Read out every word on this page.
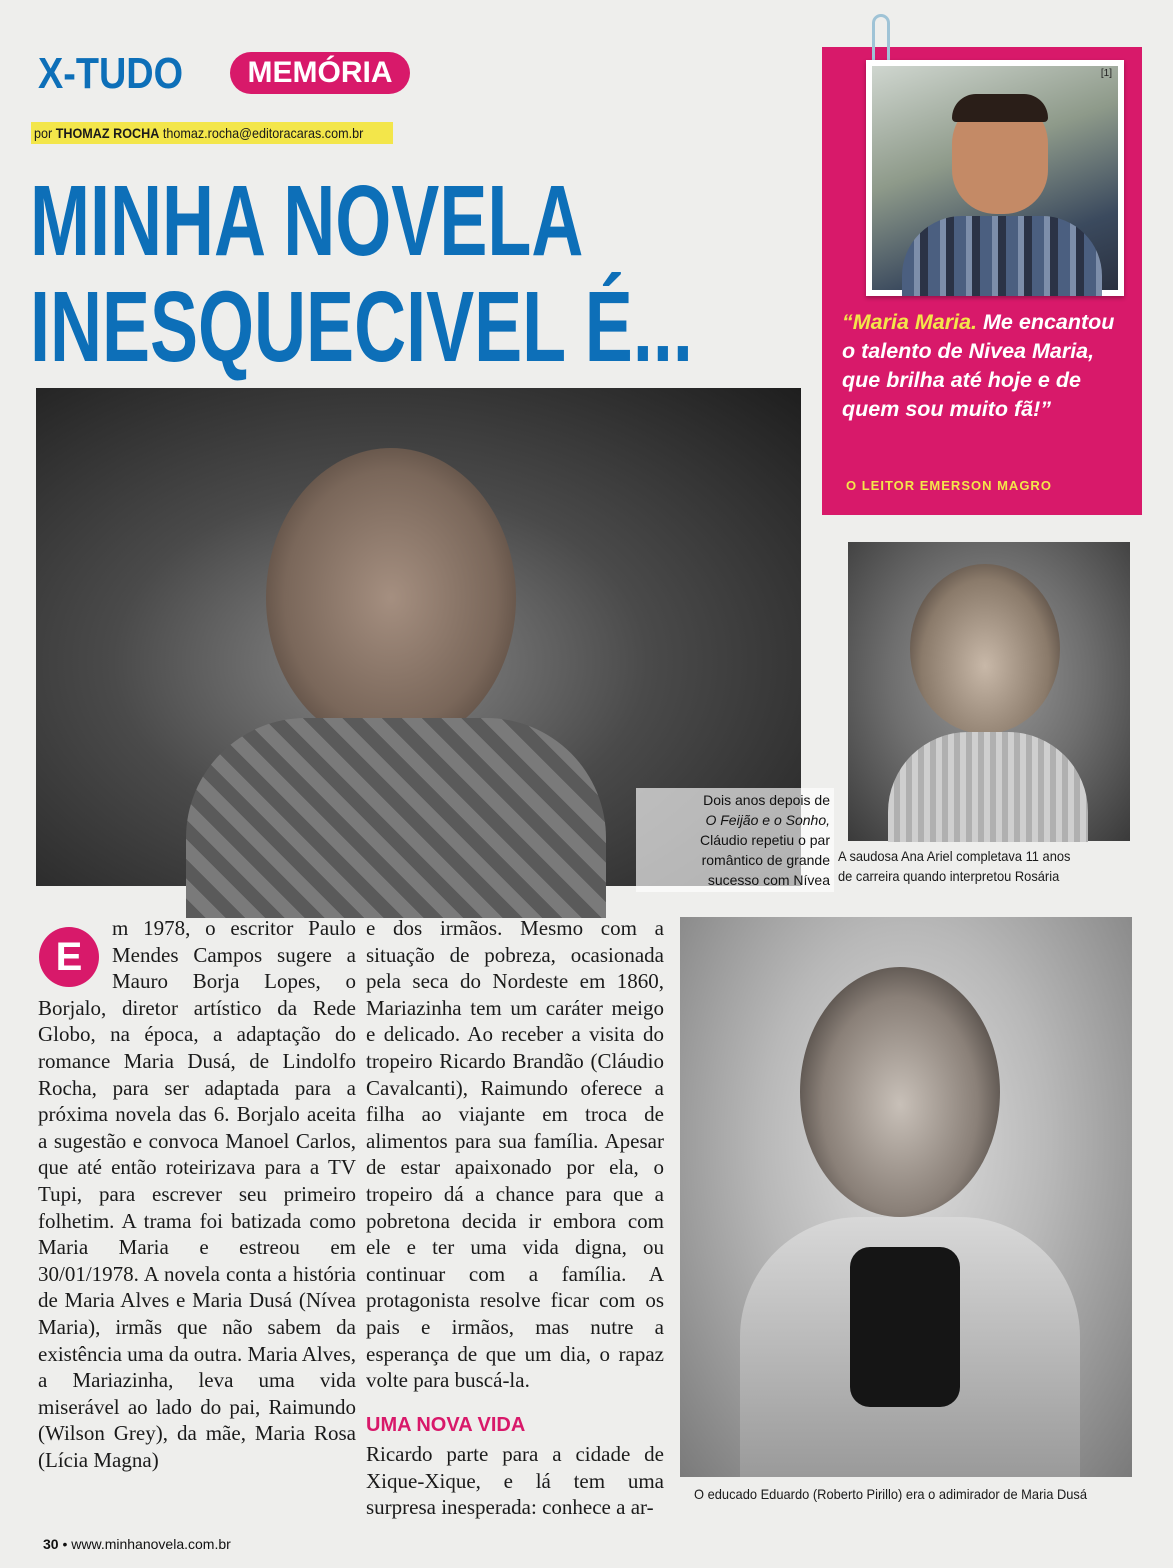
X-TUDO	MEMÓRIA
por THOMAZ ROCHA thomaz.rocha@editoracaras.com.br
MINHA NOVELA
INESQUECIVEL É...
[1]
“Maria Maria. Me encantou o talento de Nivea Maria, que brilha até hoje e de quem sou muito fã!”
O LEITOR EMERSON MAGRO
Dois anos depois de
O Feijão e o Sonho,
Cláudio repetiu o par
romântico de grande
sucesso com Nívea
A saudosa Ana Ariel completava 11 anos
de carreira quando interpretou Rosária
O educado Eduardo (Roberto Pirillo) era o adimirador de Maria Dusá
E
m 1978, o escritor Paulo Mendes Campos sugere a Mauro Borja Lopes, o Borjalo, diretor artístico da Rede Globo, na época, a adaptação do romance Maria Dusá, de Lindolfo Rocha, para ser adaptada para a próxima novela das 6. Borjalo aceita a sugestão e convoca Manoel Carlos, que até então roteirizava para a TV Tupi, para escrever seu primeiro folhetim. A trama foi batizada como Maria Maria e estreou em 30/01/1978. A novela conta a história de Maria Alves e Maria Dusá (Nívea Maria), irmãs que não sabem da existência uma da outra. Maria Alves, a Mariazinha, leva uma vida miserável ao lado do pai, Raimundo (Wilson Grey), da mãe, Maria Rosa (Lícia Magna)
e dos irmãos. Mesmo com a situação de pobreza, ocasionada pela seca do Nordeste em 1860, Mariazinha tem um caráter meigo e delicado. Ao receber a visita do tropeiro Ricardo Brandão (Cláudio Cavalcanti), Raimundo oferece a filha ao viajante em troca de alimentos para sua família. Apesar de estar apaixonado por ela, o tropeiro dá a chance para que a pobretona decida ir embora com ele e ter uma vida digna, ou continuar com a família. A protagonista resolve ficar com os pais e irmãos, mas nutre a esperança de que um dia, o rapaz volte para buscá-la.
UMA NOVA VIDA
Ricardo parte para a cidade de Xique-Xique, e lá tem uma surpresa inesperada: conhece a ar-
30 • www.minhanovela.com.br
